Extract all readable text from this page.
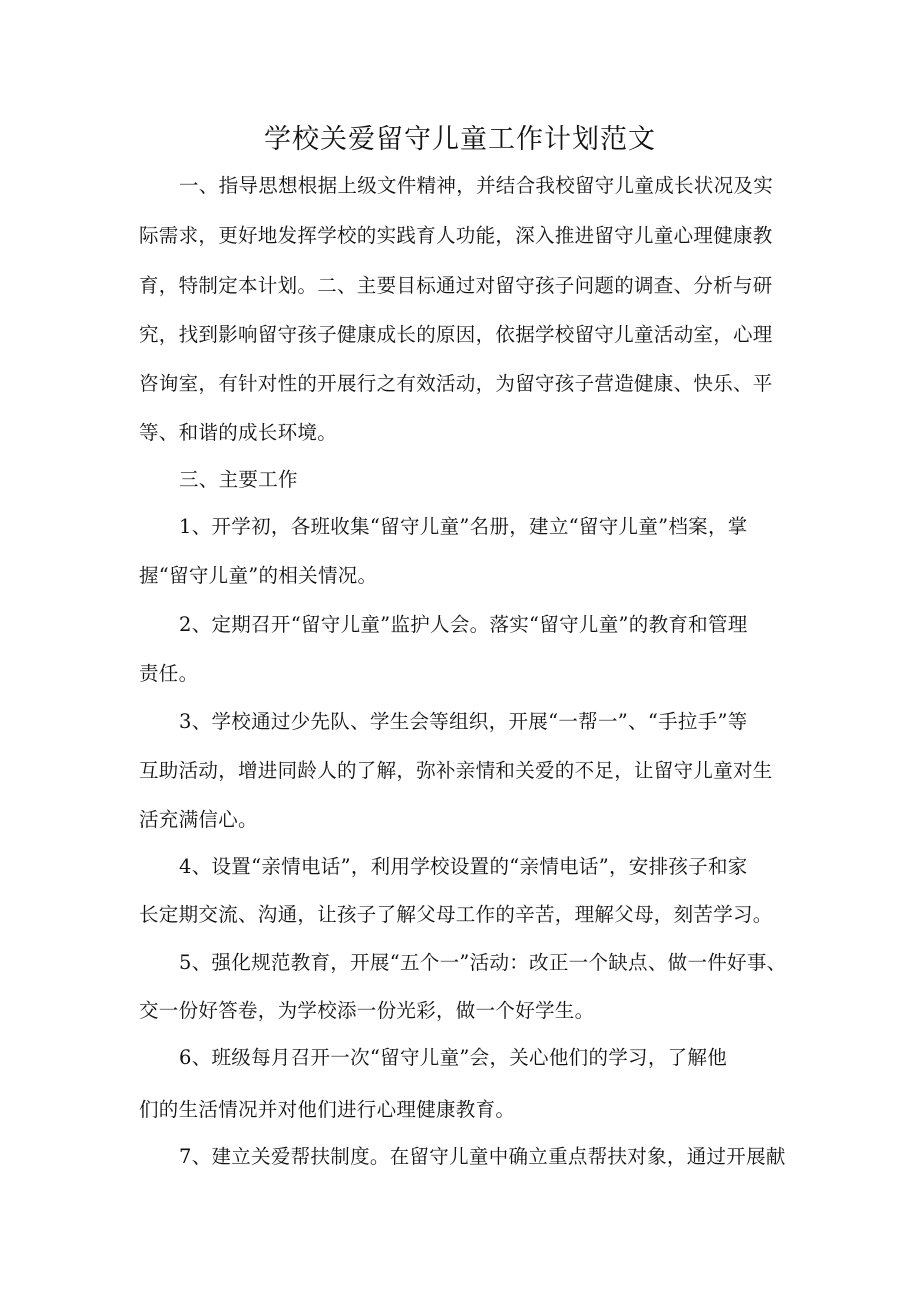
学校关爱留守儿童工作计划范文
一、指导思想根据上级文件精神，并结合我校留守儿童成长状况及实
际需求，更好地发挥学校的实践育人功能，深入推进留守儿童心理健康教
育，特制定本计划。二、主要目标通过对留守孩子问题的调查、分析与研
究，找到影响留守孩子健康成长的原因，依据学校留守儿童活动室，心理
咨询室，有针对性的开展行之有效活动，为留守孩子营造健康、快乐、平
等、和谐的成长环境。
三、主要工作
1、开学初，各班收集“留守儿童”名册，建立“留守儿童”档案，掌
握“留守儿童”的相关情况。
2、定期召开“留守儿童”监护人会。落实“留守儿童”的教育和管理
责任。
3、学校通过少先队、学生会等组织，开展“一帮一”、“手拉手”等
互助活动，增进同龄人的了解，弥补亲情和关爱的不足，让留守儿童对生
活充满信心。
4、设置“亲情电话”，利用学校设置的“亲情电话”，安排孩子和家
长定期交流、沟通，让孩子了解父母工作的辛苦，理解父母，刻苦学习。
5、强化规范教育，开展“五个一”活动：改正一个缺点、做一件好事、
交一份好答卷，为学校添一份光彩，做一个好学生。
6、班级每月召开一次“留守儿童”会，关心他们的学习，了解他
们的生活情况并对他们进行心理健康教育。
7、建立关爱帮扶制度。在留守儿童中确立重点帮扶对象，通过开展献
